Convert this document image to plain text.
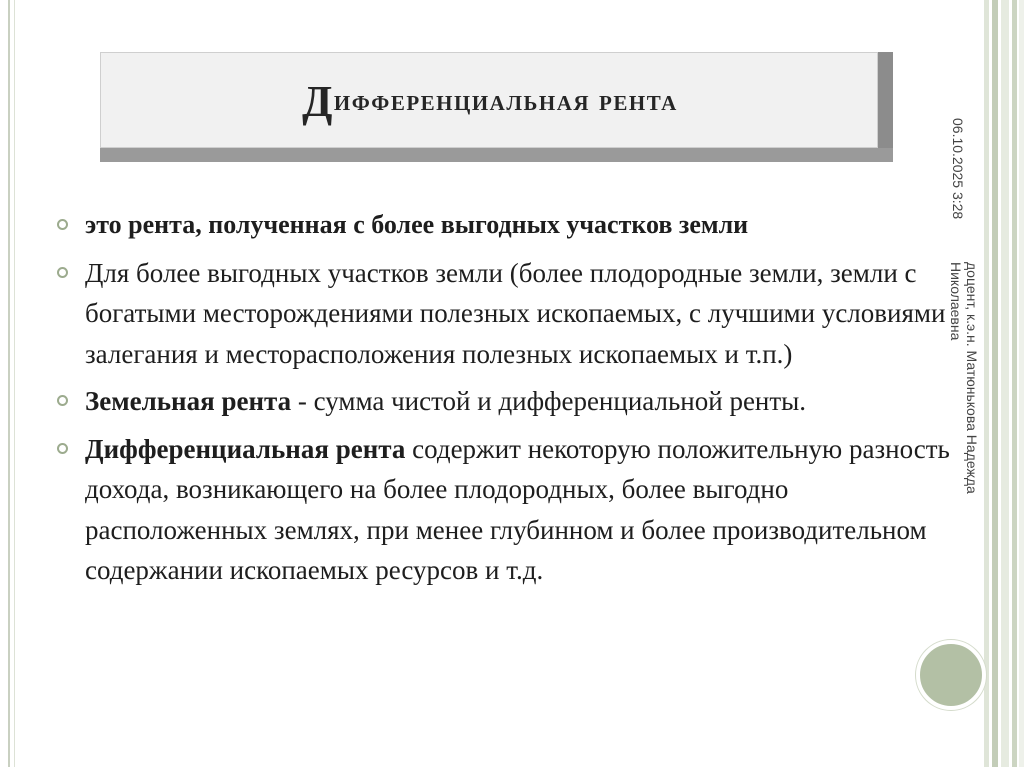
Д ифференциальная рента
06.10.2025 3:28
доцент, к.э.н. Матюнькова Надежда Николаевна
это рента, полученная с более выгодных участков земли
Для более выгодных участков земли (более плодородные земли, земли с богатыми месторождениями полезных ископаемых, с лучшими условиями залегания и месторасположения полезных ископаемых и т.п.)
Земельная рента - сумма чистой и дифференциальной ренты.
Дифференциальная рента содержит некоторую положительную разность дохода, возникающего на более плодородных, более выгодно расположенных землях, при менее глубинном и более производительном содержании ископаемых ресурсов и т.д.
